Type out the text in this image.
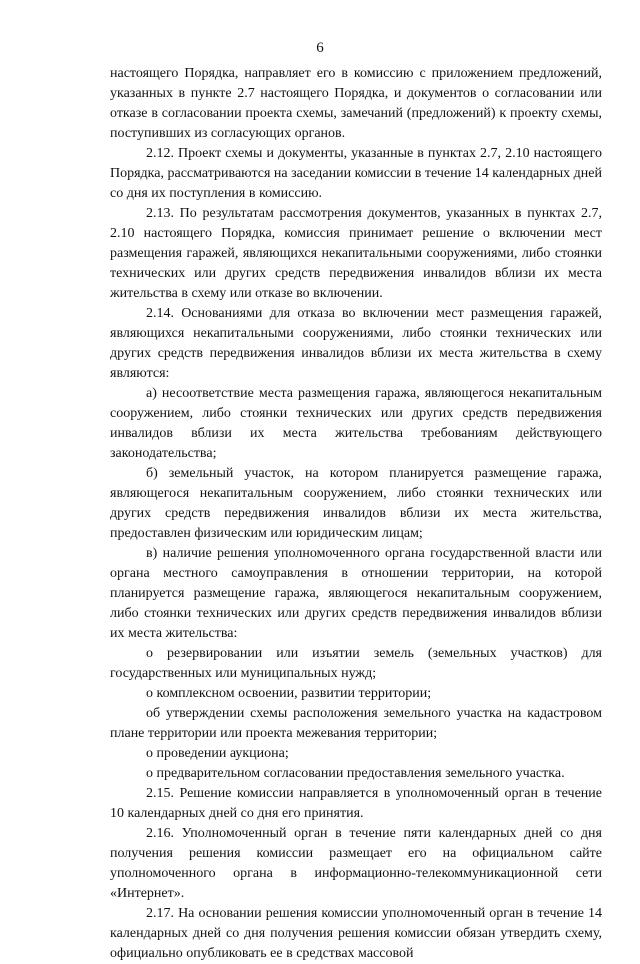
6

настоящего Порядка, направляет его в комиссию с приложением предложений, указанных в пункте 2.7 настоящего Порядка, и документов о согласовании или отказе в согласовании проекта схемы, замечаний (предложений) к проекту схемы, поступивших из согласующих органов.

2.12. Проект схемы и документы, указанные в пунктах 2.7, 2.10 настоящего Порядка, рассматриваются на заседании комиссии в течение 14 календарных дней со дня их поступления в комиссию.

2.13. По результатам рассмотрения документов, указанных в пунктах 2.7, 2.10 настоящего Порядка, комиссия принимает решение о включении мест размещения гаражей, являющихся некапитальными сооружениями, либо стоянки технических или других средств передвижения инвалидов вблизи их места жительства в схему или отказе во включении.

2.14. Основаниями для отказа во включении мест размещения гаражей, являющихся некапитальными сооружениями, либо стоянки технических или других средств передвижения инвалидов вблизи их места жительства в схему являются:

а) несоответствие места размещения гаража, являющегося некапитальным сооружением, либо стоянки технических или других средств передвижения инвалидов вблизи их места жительства требованиям действующего законодательства;

б) земельный участок, на котором планируется размещение гаража, являющегося некапитальным сооружением, либо стоянки технических или других средств передвижения инвалидов вблизи их места жительства, предоставлен физическим или юридическим лицам;

в) наличие решения уполномоченного органа государственной власти или органа местного самоуправления в отношении территории, на которой планируется размещение гаража, являющегося некапитальным сооружением, либо стоянки технических или других средств передвижения инвалидов вблизи их места жительства:

о резервировании или изъятии земель (земельных участков) для государственных или муниципальных нужд;

о комплексном освоении, развитии территории;

об утверждении схемы расположения земельного участка на кадастровом плане территории или проекта межевания территории;

о проведении аукциона;

о предварительном согласовании предоставления земельного участка.

2.15. Решение комиссии направляется в уполномоченный орган в течение 10 календарных дней со дня его принятия.

2.16. Уполномоченный орган в течение пяти календарных дней со дня получения решения комиссии размещает его на официальном сайте уполномоченного органа в информационно-телекоммуникационной сети «Интернет».

2.17. На основании решения комиссии уполномоченный орган в течение 14 календарных дней со дня получения решения комиссии обязан утвердить схему, официально опубликовать ее в средствах массовой
